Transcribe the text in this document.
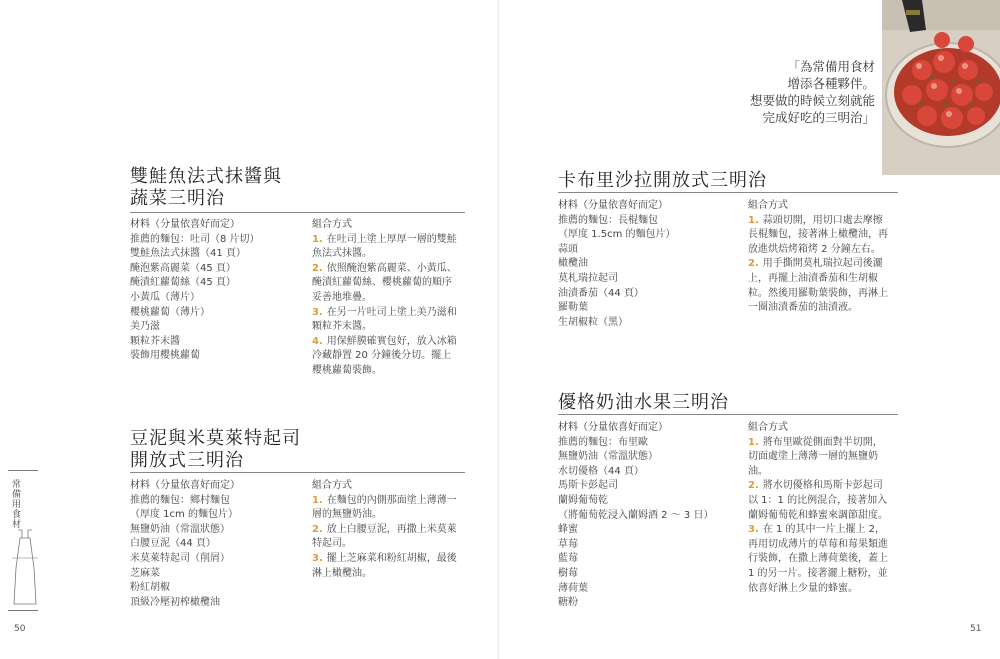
雙鮭魚法式抹醬與
蔬菜三明治
材料（分量依喜好而定）
推薦的麵包：吐司（8 片切）
雙鮭魚法式抹醬（41 頁）
醃泡紫高麗菜（45 頁）
醃漬紅蘿蔔絲（45 頁）
小黃瓜（薄片）
櫻桃蘿蔔（薄片）
美乃滋
顆粒芥末醬
裝飾用櫻桃蘿蔔
組合方式
1. 在吐司上塗上厚厚一層的雙鮭魚法式抹醬。
2. 依照醃泡紫高麗菜、小黃瓜、醃漬紅蘿蔔絲、櫻桃蘿蔔的順序妥善地堆疊。
3. 在另一片吐司上塗上美乃滋和顆粒芥末醬。
4. 用保鮮膜確實包好，放入冰箱冷藏靜置 20 分鐘後分切。擺上櫻桃蘿蔔裝飾。
豆泥與米莫萊特起司
開放式三明治
材料（分量依喜好而定）
推薦的麵包：鄉村麵包
（厚度 1cm 的麵包片）
無鹽奶油（常溫狀態）
白腰豆泥（44 頁）
米莫萊特起司（削屑）
芝麻菜
粉紅胡椒
頂級冷壓初榨橄欖油
組合方式
1. 在麵包的內側那面塗上薄薄一層的無鹽奶油。
2. 放上白腰豆泥，再撒上米莫萊特起司。
3. 擺上芝麻菜和粉紅胡椒，最後淋上橄欖油。
常備用食材
50
「為常備用食材
增添各種夥伴。
想要做的時候立刻就能
完成好吃的三明治」
卡布里沙拉開放式三明治
材料（分量依喜好而定）
推薦的麵包：長棍麵包
（厚度 1.5cm 的麵包片）
蒜頭
橄欖油
莫札瑞拉起司
油漬番茄（44 頁）
羅勒葉
生胡椒粒（黑）
組合方式
1. 蒜頭切開，用切口處去摩擦長棍麵包，接著淋上橄欖油，再放進烘焙烤箱烤 2 分鐘左右。
2. 用手撕開莫札瑞拉起司後灑上，再擺上油漬番茄和生胡椒粒。然後用羅勒葉裝飾，再淋上一圈油漬番茄的油漬液。
優格奶油水果三明治
材料（分量依喜好而定）
推薦的麵包：布里歐
無鹽奶油（常溫狀態）
水切優格（44 頁）
馬斯卡彭起司
蘭姆葡萄乾
（將葡萄乾浸入蘭姆酒 2 ～ 3 日）
蜂蜜
草莓
藍莓
樹莓
薄荷葉
糖粉
組合方式
1. 將布里歐從側面對半切開，切面處塗上薄薄一層的無鹽奶油。
2. 將水切優格和馬斯卡彭起司以 1：1 的比例混合，接著加入蘭姆葡萄乾和蜂蜜來調節甜度。
3. 在 1 的其中一片上擺上 2，再用切成薄片的草莓和莓果類進行裝飾，在撒上薄荷葉後，蓋上 1 的另一片。接著灑上糖粉，並依喜好淋上少量的蜂蜜。
51
